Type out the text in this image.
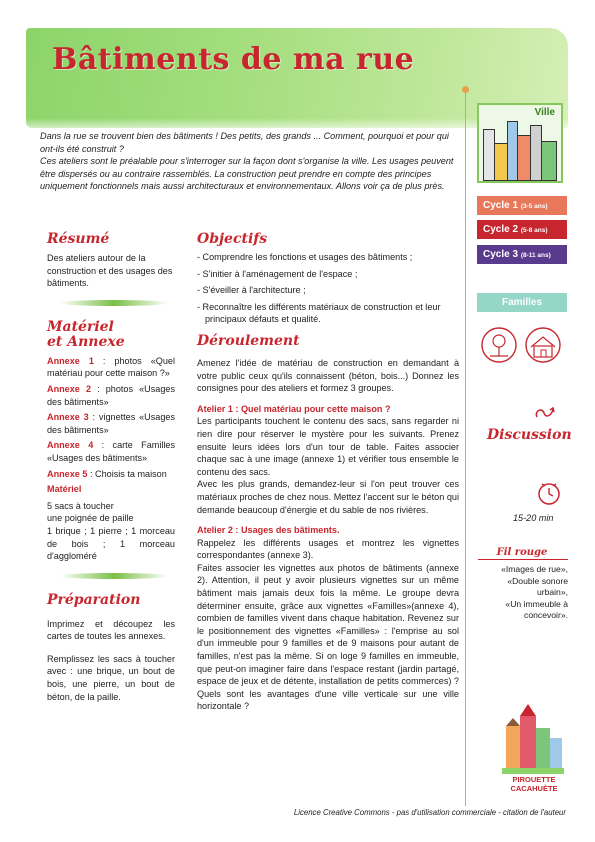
Bâtiments de ma rue

Dans la rue se trouvent bien des bâtiments ! Des petits, des grands ... Comment, pourquoi et pour qui ont-ils été construit ?

Ces ateliers sont le préalable pour s'interroger sur la façon dont s'organise la ville. Les usages peuvent être dispersés ou au contraire rassemblés. La construction peut prendre en compte des principes uniquement fonctionnels mais aussi architecturaux et environnementaux. Allons voir ça de plus près.

Résumé
Des ateliers autour de la construction et des usages des bâtiments.
Matériel
et Annexe
Annexe 1 : photos «Quel matériau pour cette maison ?»
Annexe 2 : photos «Usages des bâtiments»
Annexe 3 : vignettes «Usages des bâtiments»
Annexe 4 : carte Familles «Usages des bâtiments»
Annexe 5 : Choisis ta maison
Matériel
5 sacs à toucher
une poignée de paille
1 brique ; 1 pierre ; 1 morceau de bois ; 1 morceau d'aggloméré
Préparation

Imprimez et découpez les cartes de toutes les annexes.

Remplissez les sacs à toucher avec : une brique, un bout de bois, une pierre, un bout de béton, de la paille.

Objectifs
- Comprendre les fonctions et usages des bâtiments ;
- S'initier à l'aménagement de l'espace ;
- S'éveiller à l'architecture ;
- Reconnaître les différents matériaux de construction et leur principaux défauts et qualité.
Déroulement
Amenez l'idée de matériau de construction en demandant à votre public ceux qu'ils connaissent (béton, bois...) Donnez les consignes pour des ateliers et formez 3 groupes.
Atelier 1 : Quel matériau pour cette maison ?
Les participants touchent le contenu des sacs, sans regarder ni rien dire pour réserver le mystère pour les suivants. Prenez ensuite leurs idées lors d'un tour de table. Faites associer chaque sac à une image (annexe 1) et vérifier tous ensemble le contenu des sacs.
Avec les plus grands, demandez-leur si l'on peut trouver ces matériaux proches de chez nous. Mettez l'accent sur le béton qui demande beaucoup d'énergie et du sable de nos rivières.
Atelier 2 : Usages des bâtiments.
Rappelez les différents usages et montrez les vignettes correspondantes (annexe 3).
Faites associer les vignettes aux photos de bâtiments (annexe 2). Attention, il peut y avoir plusieurs vignettes sur un même bâtiment mais jamais deux fois la même. Le groupe devra déterminer ensuite, grâce aux vignettes «Familles»(annexe 4), combien de familles vivent dans chaque habitation. Revenez sur le positionnement des vignettes «Familles» : l'emprise au sol d'un immeuble pour 9 familles et de 9 maisons pour autant de familles, n'est pas la même. Si on loge 9 familles en immeuble, que peut-on imaginer faire dans l'espace restant (jardin partagé, espace de jeux et de détente, installation de petits commerces) ? Quels sont les avantages d'une ville verticale sur une ville horizontale ?
Ville
Cycle 1 (3-5 ans)
Cycle 2 (5-8 ans)
Cycle 3 (8-11 ans)
Familles
Discussion
15-20 min
Fil rouge
«Images de rue»,
«Double sonore urbain»,
«Un immeuble à concevoir».
PIROUETTE
CACAHUÈTE
Licence Creative Commons - pas d'utilisation commerciale - citation de l'auteur
